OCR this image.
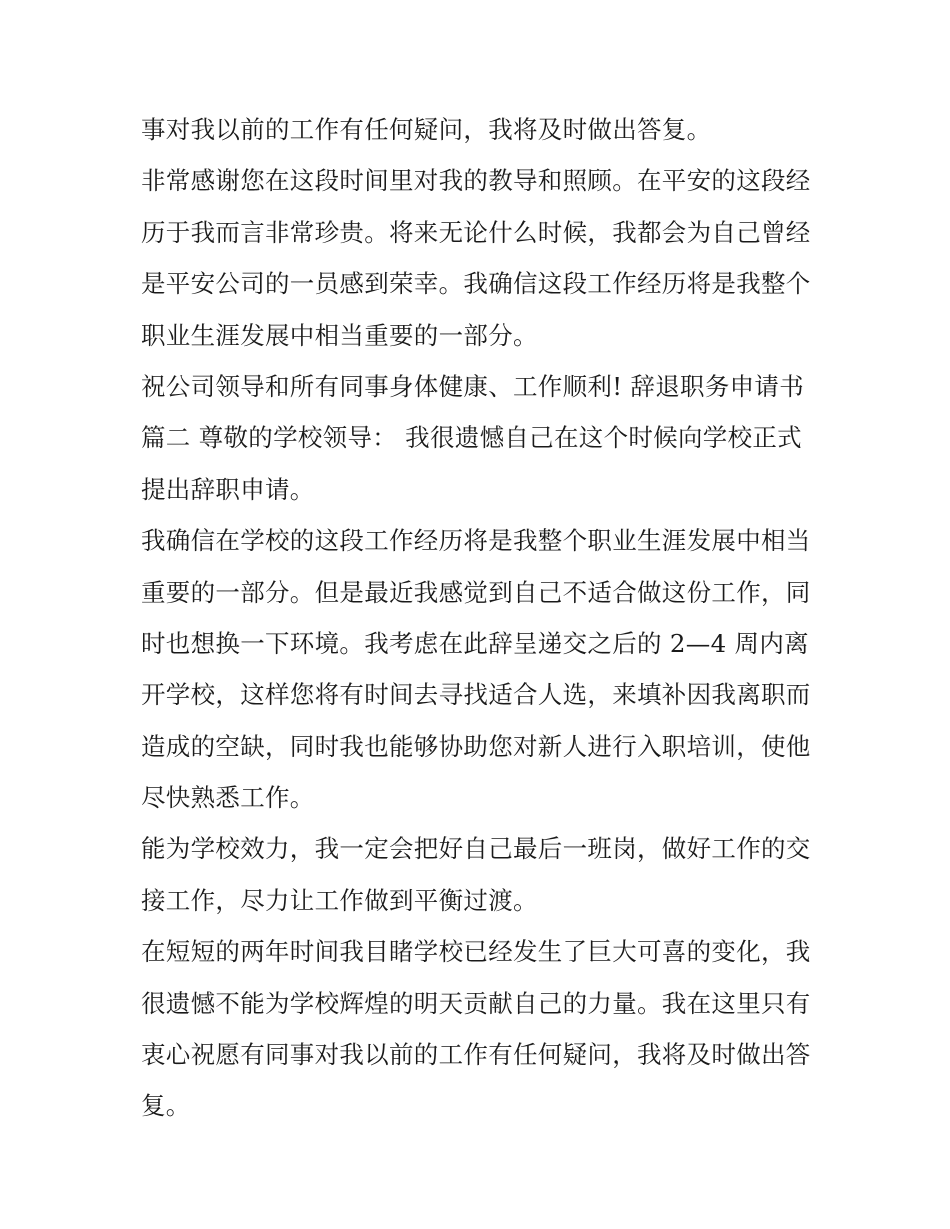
事对我以前的工作有任何疑问，我将及时做出答复。
非常感谢您在这段时间里对我的教导和照顾。在平安的这段经
历于我而言非常珍贵。将来无论什么时候，我都会为自己曾经
是平安公司的一员感到荣幸。我确信这段工作经历将是我整个
职业生涯发展中相当重要的一部分。
祝公司领导和所有同事身体健康、工作顺利! 辞退职务申请书
篇二 尊敬的学校领导： 我很遗憾自己在这个时候向学校正式
提出辞职申请。
我确信在学校的这段工作经历将是我整个职业生涯发展中相当
重要的一部分。但是最近我感觉到自己不适合做这份工作，同
时也想换一下环境。我考虑在此辞呈递交之后的 2—4 周内离
开学校，这样您将有时间去寻找适合人选，来填补因我离职而
造成的空缺，同时我也能够协助您对新人进行入职培训，使他
尽快熟悉工作。
能为学校效力，我一定会把好自己最后一班岗，做好工作的交
接工作，尽力让工作做到平衡过渡。
在短短的两年时间我目睹学校已经发生了巨大可喜的变化，我
很遗憾不能为学校辉煌的明天贡献自己的力量。我在这里只有
衷心祝愿有同事对我以前的工作有任何疑问，我将及时做出答
复。
